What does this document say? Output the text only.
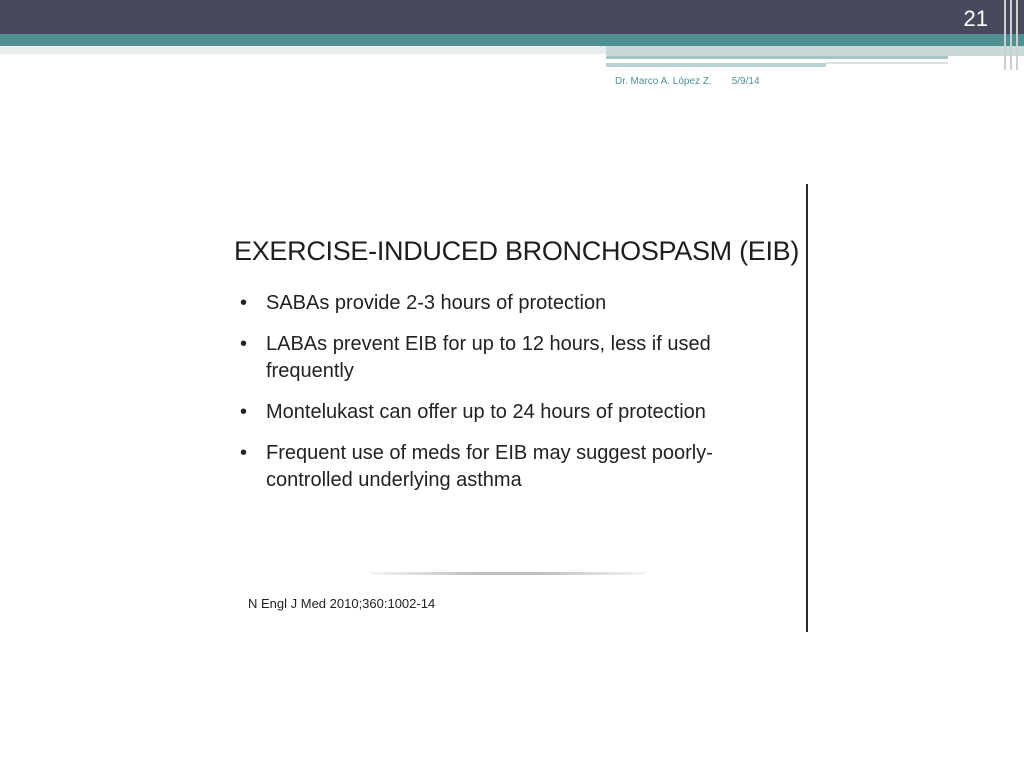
21
Dr. Marco A. López Z. 5/9/14
EXERCISE-INDUCED BRONCHOSPASM (EIB)
• SABAs provide 2-3 hours of protection
• LABAs prevent EIB for up to 12 hours, less if used frequently
• Montelukast can offer up to 24 hours of protection
• Frequent use of meds for EIB may suggest poorly-controlled underlying asthma
N Engl J Med 2010;360:1002-14
